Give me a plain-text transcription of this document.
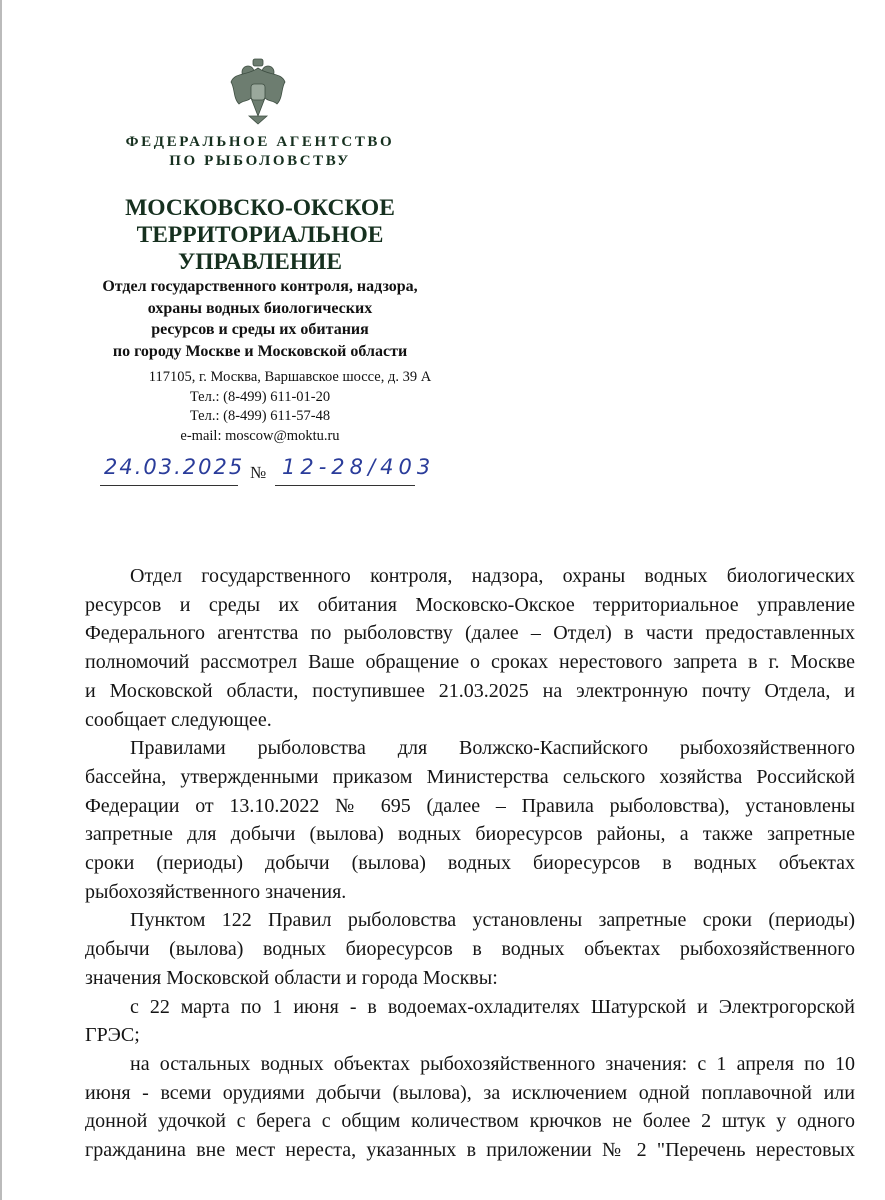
ФЕДЕРАЛЬНОЕ АГЕНТСТВО
ПО РЫБОЛОВСТВУ
МОСКОВСКО-ОКСКОЕ
ТЕРРИТОРИАЛЬНОЕ
УПРАВЛЕНИЕ
Отдел государственного контроля, надзора,
охраны водных биологических
ресурсов и среды их обитания
по городу Москве и Московской области
117105, г. Москва, Варшавское шоссе, д. 39 А
Тел.: (8-499) 611-01-20
Тел.: (8-499) 611-57-48
e-mail: moscow@moktu.ru
24.03.2025 № 12-28/403
Отдел государственного контроля, надзора, охраны водных биологических
ресурсов и среды их обитания Московско-Окское территориальное управление
Федерального агентства по рыболовству (далее – Отдел) в части предоставленных
полномочий рассмотрел Ваше обращение о сроках нерестового запрета в г. Москве
и Московской области, поступившее 21.03.2025 на электронную почту Отдела, и
сообщает следующее.
Правилами рыболовства для Волжско-Каспийского рыбохозяйственного
бассейна, утвержденными приказом Министерства сельского хозяйства Российской
Федерации от 13.10.2022 № 695 (далее – Правила рыболовства), установлены
запретные для добычи (вылова) водных биоресурсов районы, а также запретные
сроки (периоды) добычи (вылова) водных биоресурсов в водных объектах
рыбохозяйственного значения.
Пунктом 122 Правил рыболовства установлены запретные сроки (периоды)
добычи (вылова) водных биоресурсов в водных объектах рыбохозяйственного
значения Московской области и города Москвы:
с 22 марта по 1 июня - в водоемах-охладителях Шатурской и Электрогорской
ГРЭС;
на остальных водных объектах рыбохозяйственного значения: с 1 апреля по 10
июня - всеми орудиями добычи (вылова), за исключением одной поплавочной или
донной удочкой с берега с общим количеством крючков не более 2 штук у одного
гражданина вне мест нереста, указанных в приложении № 2 "Перечень нерестовых
